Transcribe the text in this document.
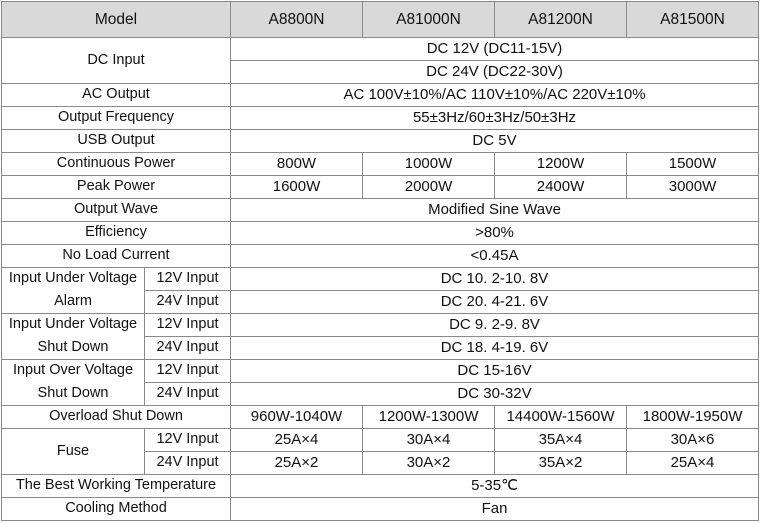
Model		A8800N	A81000N	A81200N	A81500N
DC Input		DC 12V (DC11-15V)			
		DC 24V (DC22-30V)			
AC Output		AC 100V±10%/AC 110V±10%/AC 220V±10%			
Output Frequency		55±3Hz/60±3Hz/50±3Hz			
USB Output		DC 5V			
Continuous Power		800W	1000W	1200W	1500W
Peak Power		1600W	2000W	2400W	3000W
Output Wave		Modified Sine Wave			
Efficiency		>80%			
No Load Current		<0.45A			

Input Under Voltage
Alarm	12V Input	DC 10. 2-10. 8V			
	24V Input	DC 20. 4-21. 6V			

Input Under Voltage
Shut Down	12V Input	DC 9. 2-9. 8V			
	24V Input	DC 18. 4-19. 6V			

Input Over Voltage
Shut Down	12V Input	DC 15-16V			
	24V Input	DC 30-32V			
Overload Shut Down		960W-1040W	1200W-1300W	14400W-1560W	1800W-1950W
Fuse	12V Input	25A×4	30A×4	35A×4	30A×6
	24V Input	25A×2	30A×2	35A×2	25A×4
The Best Working Temperature		5-35℃			
Cooling Method		Fan			
